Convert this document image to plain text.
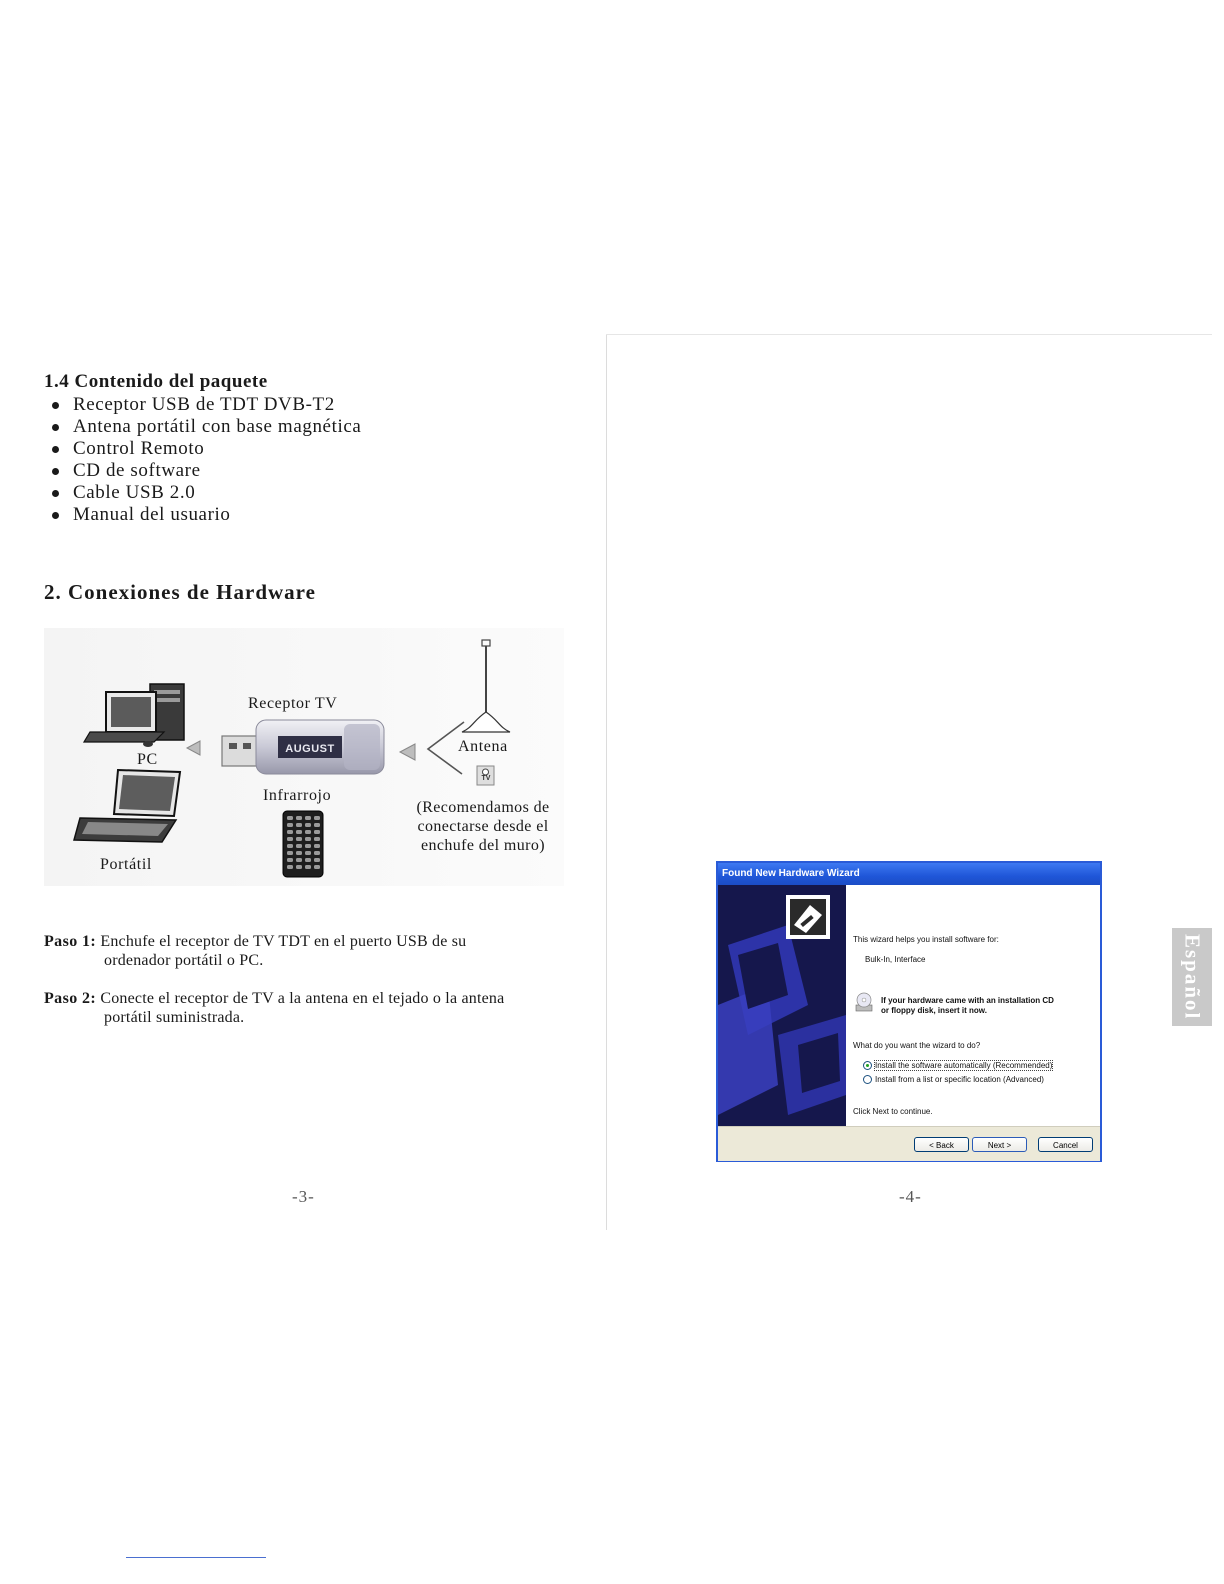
1.4 Contenido del paquete
Receptor USB de TDT DVB-T2
Antena portátil con base magnética
Control Remoto
CD de software
Cable USB 2.0
Manual del usuario
2. Conexiones de Hardware
Receptor TV
AUGUST
PC
Infrarrojo
Antena
TV
Portátil
(Recomendamos de
conectarse desde el
enchufe del muro)
Paso 1: Enchufe el receptor de TV TDT en el puerto USB de su
ordenador portátil o PC.
Paso 2: Conecte el receptor de TV a la antena en el tejado o la antena
portátil suministrada.
-3-
Found New Hardware Wizard
This wizard helps you install software for:
Bulk-In, Interface
If your hardware came with an installation CD
or floppy disk, insert it now.
What do you want the wizard to do?
Install the software automatically (Recommended)
Install from a list or specific location (Advanced)
Click Next to continue.
< Back	Next >	Cancel
Español
-4-
